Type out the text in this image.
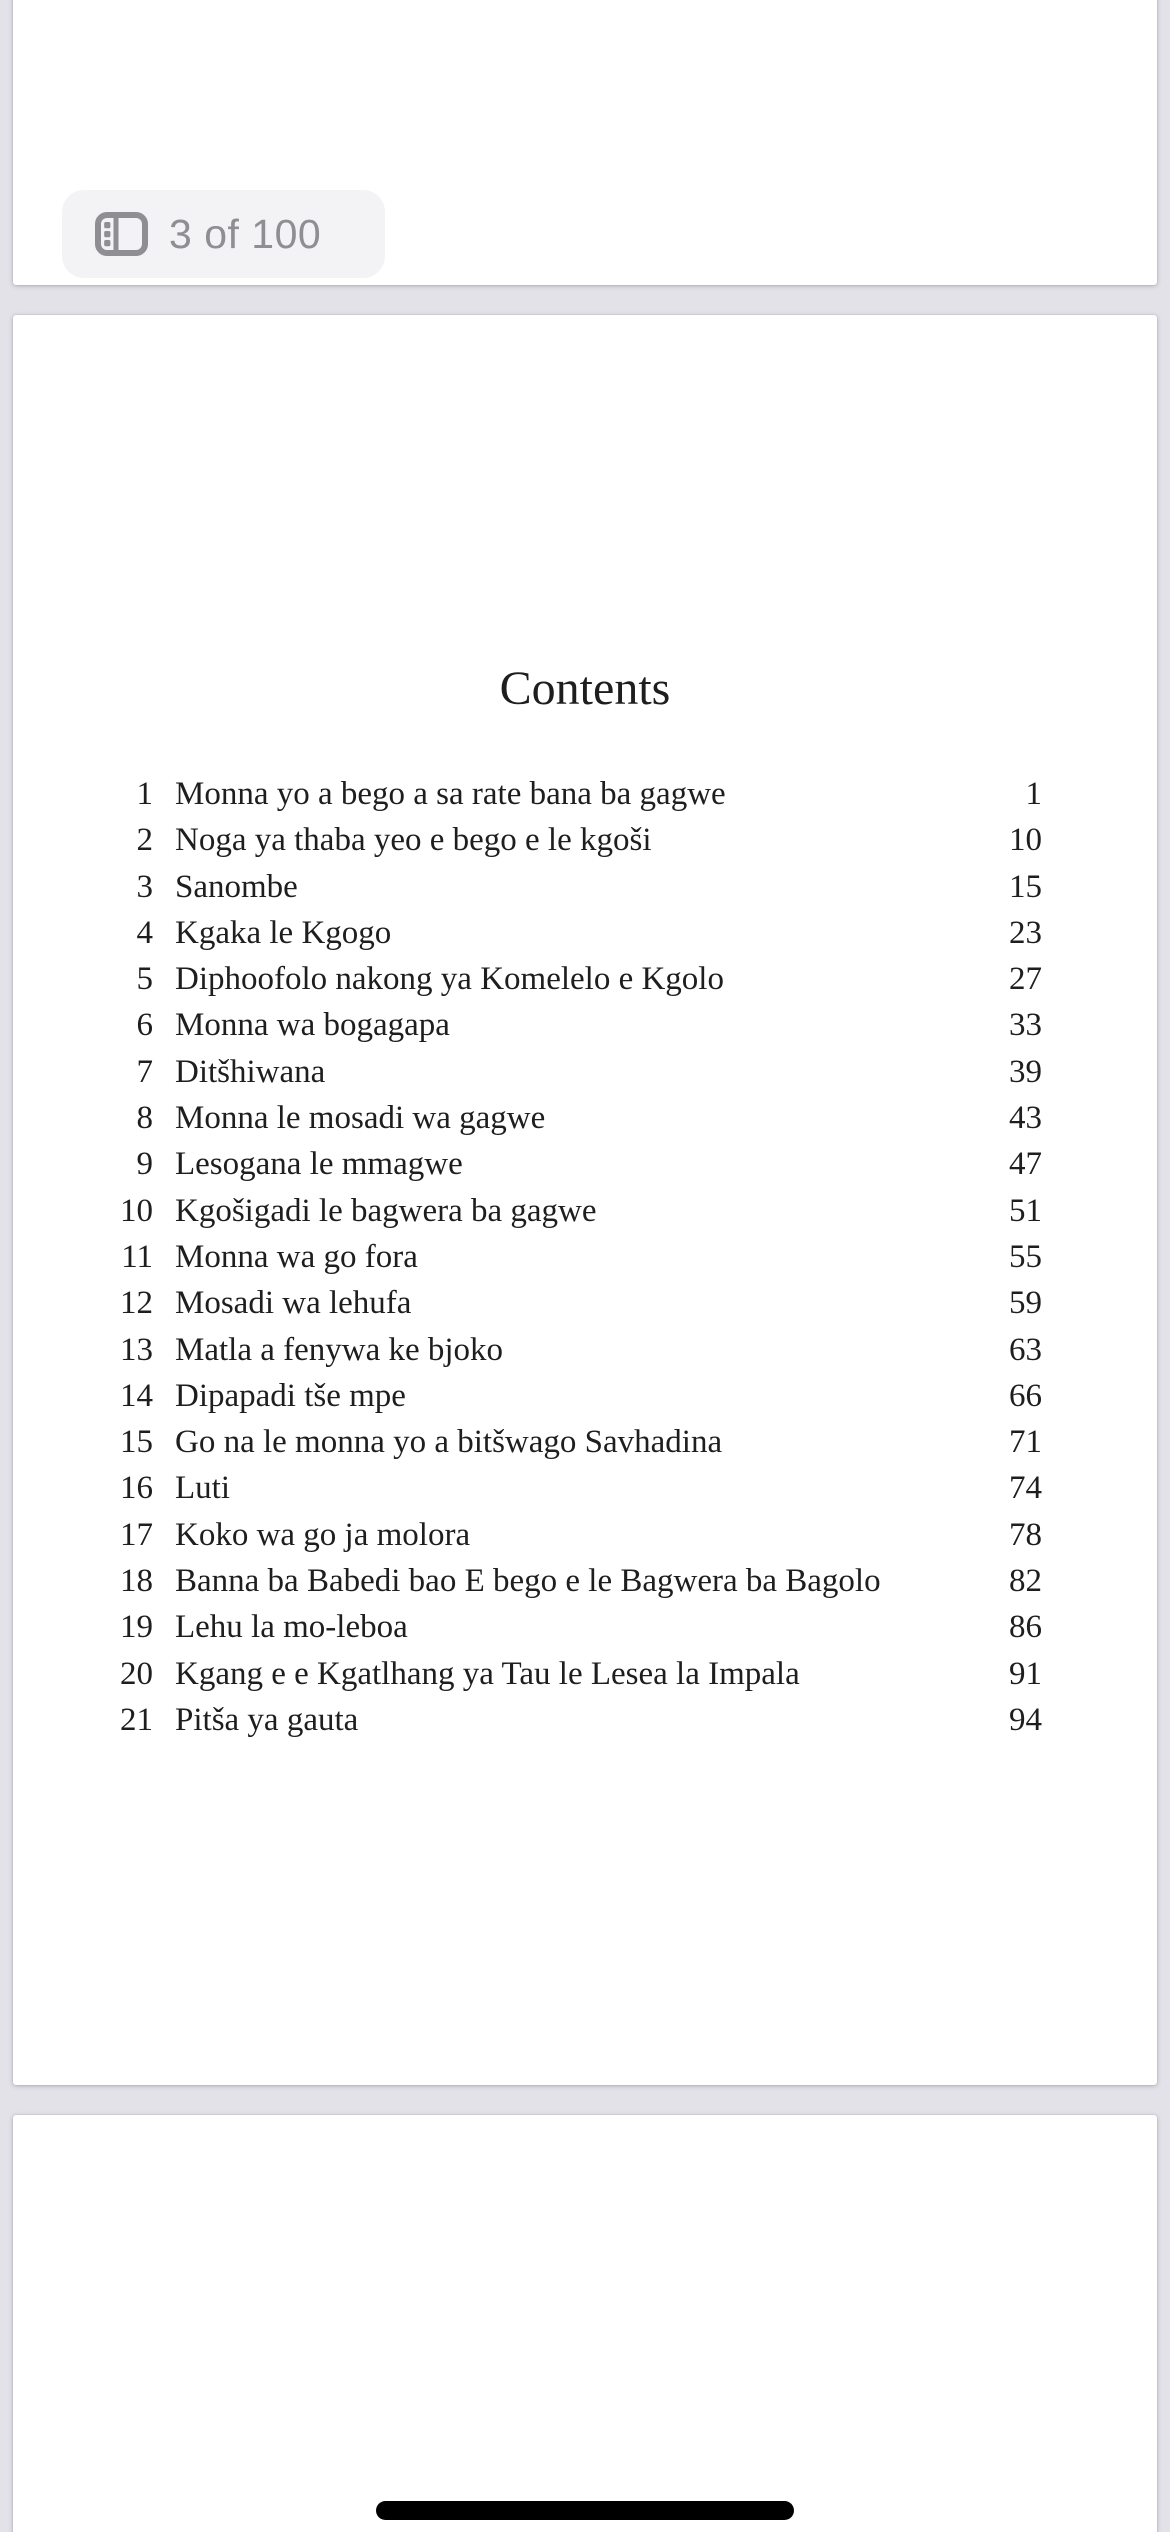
3 of 100
Contents
1 Monna yo a bego a sa rate bana ba gagwe	1
2 Noga ya thaba yeo e bego e le kgoši	10
3 Sanombe	15
4 Kgaka le Kgogo	23
5 Diphoofolo nakong ya Komelelo e Kgolo	27
6 Monna wa bogagapa	33
7 Ditšhiwana	39
8 Monna le mosadi wa gagwe	43
9 Lesogana le mmagwe	47
10 Kgošigadi le bagwera ba gagwe	51
11 Monna wa go fora	55
12 Mosadi wa lehufa	59
13 Matla a fenywa ke bjoko	63
14 Dipapadi tše mpe	66
15 Go na le monna yo a bitšwago Savhadina	71
16 Luti	74
17 Koko wa go ja molora	78
18 Banna ba Babedi bao E bego e le Bagwera ba Bagolo	82
19 Lehu la mo-leboa	86
20 Kgang e e Kgatlhang ya Tau le Lesea la Impala	91
21 Pitša ya gauta	94
